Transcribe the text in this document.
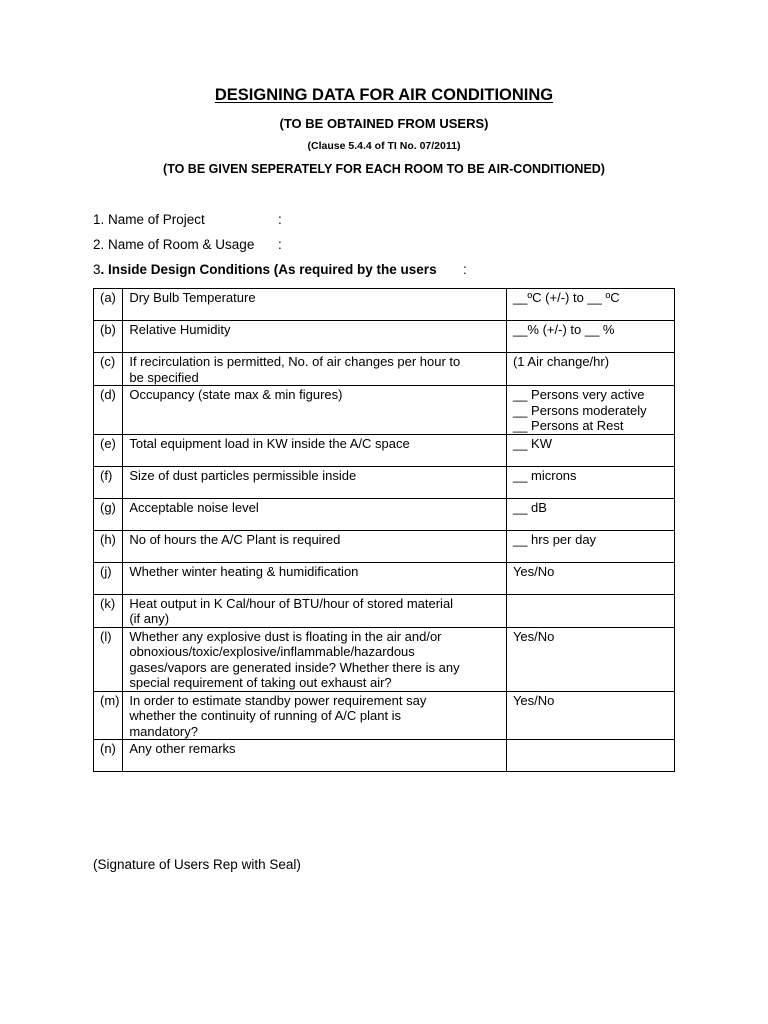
DESIGNING DATA FOR AIR CONDITIONING
(TO BE OBTAINED FROM USERS)
(Clause 5.4.4 of TI No. 07/2011)
(TO BE GIVEN SEPERATELY FOR EACH ROOM TO BE AIR-CONDITIONED)
1. Name of Project	:
2. Name of Room & Usage :
3. Inside Design Conditions (As required by the users :
(a)	Dry Bulb Temperature	__ºC (+/-) to __ ºC

(b)	Relative Humidity	__% (+/-) to __ %

(c)	If recirculation is permitted, No. of air changes per hour to
be specified	(1 Air change/hr)

(d)	Occupancy (state max & min figures)	__ Persons very active
__ Persons moderately
__ Persons at Rest

(e)	Total equipment load in KW inside the A/C space	__ KW

(f)	Size of dust particles permissible inside	__ microns

(g)	Acceptable noise level	__ dB

(h)	No of hours the A/C Plant is required	__ hrs per day

(j)	Whether winter heating & humidification	Yes/No

(k)	Heat output in K Cal/hour of BTU/hour of stored material
(if any)	

(l)	Whether any explosive dust is floating in the air and/or
obnoxious/toxic/explosive/inflammable/hazardous
gases/vapors are generated inside? Whether there is any
special requirement of taking out exhaust air?	Yes/No

(m)	In order to estimate standby power requirement say
whether the continuity of running of A/C plant is
mandatory?	Yes/No

(n)	Any other remarks	

(Signature of Users Rep with Seal)
